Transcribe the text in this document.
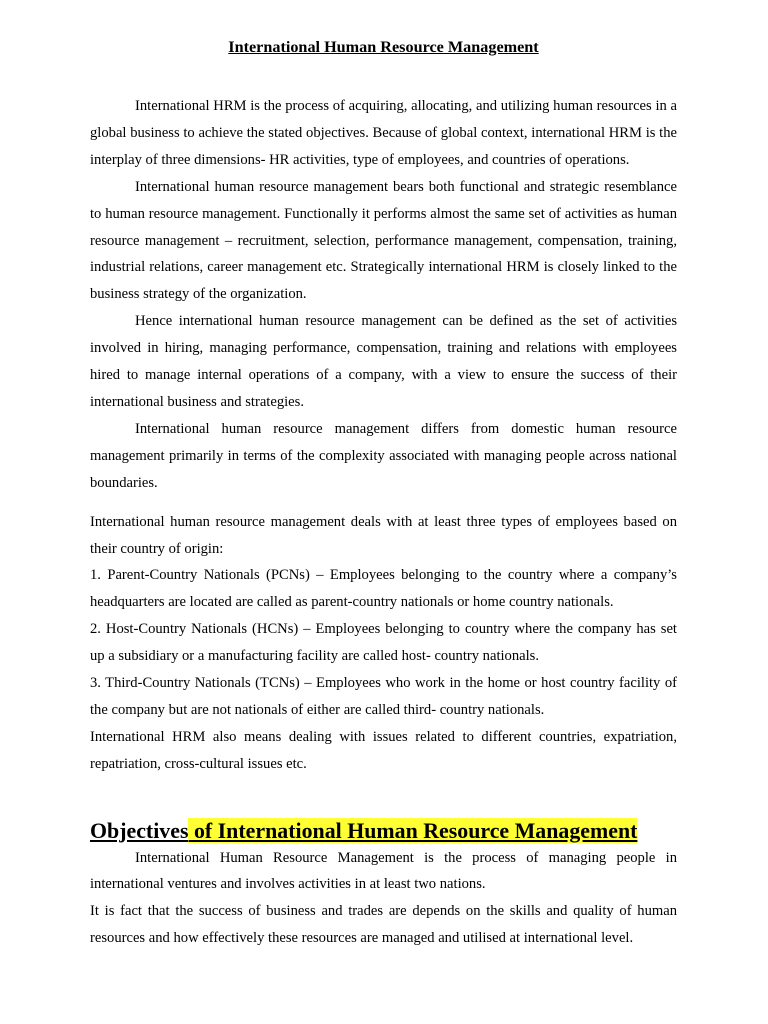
International Human Resource Management

International HRM is the process of acquiring, allocating, and utilizing human resources in a global business to achieve the stated objectives. Because of global context, international HRM is the interplay of three dimensions- HR activities, type of employees, and countries of operations.

International human resource management bears both functional and strategic resemblance to human resource management. Functionally it performs almost the same set of activities as human resource management – recruitment, selection, performance management, compensation, training, industrial relations, career management etc. Strategically international HRM is closely linked to the business strategy of the organization.

Hence international human resource management can be defined as the set of activities involved in hiring, managing performance, compensation, training and relations with employees hired to manage internal operations of a company, with a view to ensure the success of their international business and strategies.

International human resource management differs from domestic human resource management primarily in terms of the complexity associated with managing people across national boundaries.

International human resource management deals with at least three types of employees based on their country of origin:

1. Parent-Country Nationals (PCNs) – Employees belonging to the country where a company’s headquarters are located are called as parent-country nationals or home country nationals.

2. Host-Country Nationals (HCNs) – Employees belonging to country where the company has set up a subsidiary or a manufacturing facility are called host- country nationals.

3. Third-Country Nationals (TCNs) – Employees who work in the home or host country facility of the company but are not nationals of either are called third- country nationals.

International HRM also means dealing with issues related to different countries, expatriation, repatriation, cross-cultural issues etc.

Objectives of International Human Resource Management

International Human Resource Management is the process of managing people in international ventures and involves activities in at least two nations.

It is fact that the success of business and trades are depends on the skills and quality of human resources and how effectively these resources are managed and utilised at international level.
